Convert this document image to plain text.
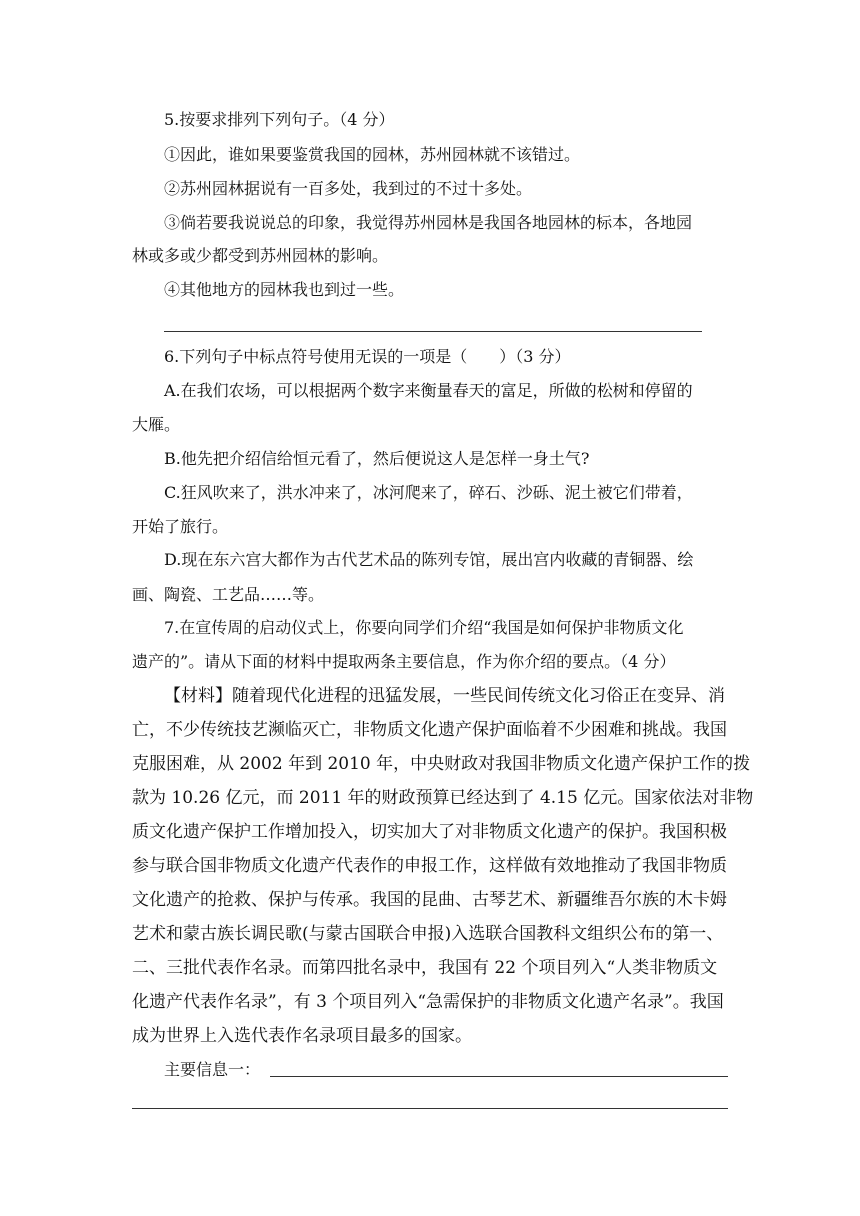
5.按要求排列下列句子。（4 分）
①因此，谁如果要鉴赏我国的园林，苏州园林就不该错过。
②苏州园林据说有一百多处，我到过的不过十多处。
③倘若要我说说总的印象，我觉得苏州园林是我国各地园林的标本，各地园
林或多或少都受到苏州园林的影响。
④其他地方的园林我也到过一些。
6.下列句子中标点符号使用无误的一项是（　　）（3 分）
A.在我们农场，可以根据两个数字来衡量春天的富足，所做的松树和停留的
大雁。
B.他先把介绍信给恒元看了，然后便说这人是怎样一身土气?
C.狂风吹来了，洪水冲来了，冰河爬来了，碎石、沙砾、泥土被它们带着，
开始了旅行。
D.现在东六宫大都作为古代艺术品的陈列专馆，展出宫内收藏的青铜器、绘
画、陶瓷、工艺品……等。
7.在宣传周的启动仪式上，你要向同学们介绍“我国是如何保护非物质文化
遗产的”。请从下面的材料中提取两条主要信息，作为你介绍的要点。（4 分）
【材料】随着现代化进程的迅猛发展，一些民间传统文化习俗正在变异、消
亡，不少传统技艺濒临灭亡，非物质文化遗产保护面临着不少困难和挑战。我国
克服困难，从 2002 年到 2010 年，中央财政对我国非物质文化遗产保护工作的拨
款为 10.26 亿元，而 2011 年的财政预算已经达到了 4.15 亿元。国家依法对非物
质文化遗产保护工作增加投入，切实加大了对非物质文化遗产的保护。我国积极
参与联合国非物质文化遗产代表作的申报工作，这样做有效地推动了我国非物质
文化遗产的抢救、保护与传承。我国的昆曲、古琴艺术、新疆维吾尔族的木卡姆
艺术和蒙古族长调民歌(与蒙古国联合申报)入选联合国教科文组织公布的第一、
二、三批代表作名录。而第四批名录中，我国有 22 个项目列入“人类非物质文
化遗产代表作名录”，有 3 个项目列入“急需保护的非物质文化遗产名录”。我国
成为世界上入选代表作名录项目最多的国家。
主要信息一：
